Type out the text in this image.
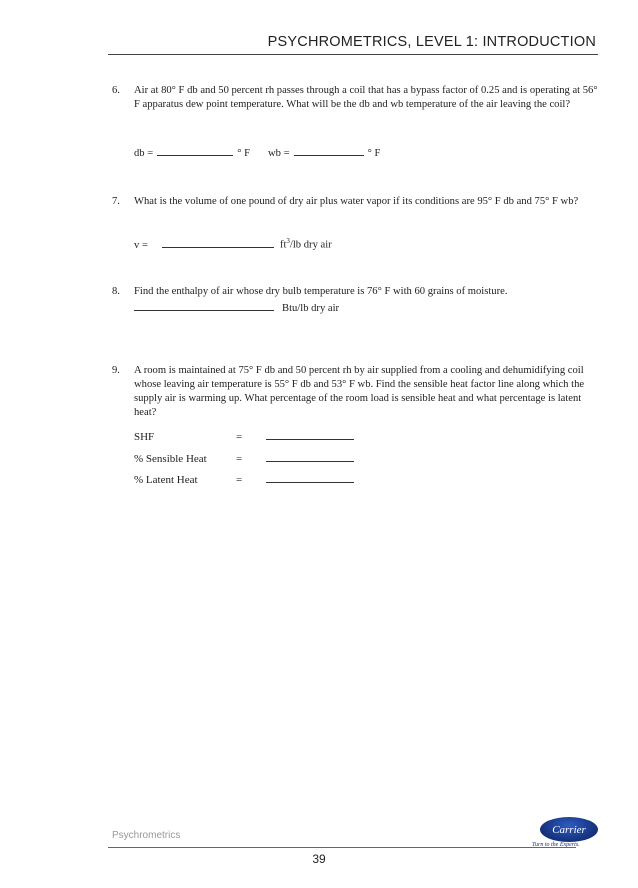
PSYCHROMETRICS, LEVEL 1: INTRODUCTION
6.	Air at 80° F db and 50 percent rh passes through a coil that has a bypass factor of 0.25 and is operating at 56° F apparatus dew point temperature. What will be the db and wb temperature of the air leaving the coil?
db =	° F wb =	° F
7.	What is the volume of one pound of dry air plus water vapor if its conditions are 95° F db and 75° F wb?
v =	$ft^3/lb$ dry air
8.	Find the enthalpy of air whose dry bulb temperature is 76° F with 60 grains of moisture.
Btu/lb dry air
9.	A room is maintained at 75° F db and 50 percent rh by air supplied from a cooling and dehumidifying coil whose leaving air temperature is 55° F db and 53° F wb. Find the sensible heat factor line along which the supply air is warming up. What percentage of the room load is sensible heat and what percentage is latent heat?
SHF	=
% Sensible Heat	=
% Latent Heat	=
Psychrometrics	Carrier
Turn to the Experts.
39
